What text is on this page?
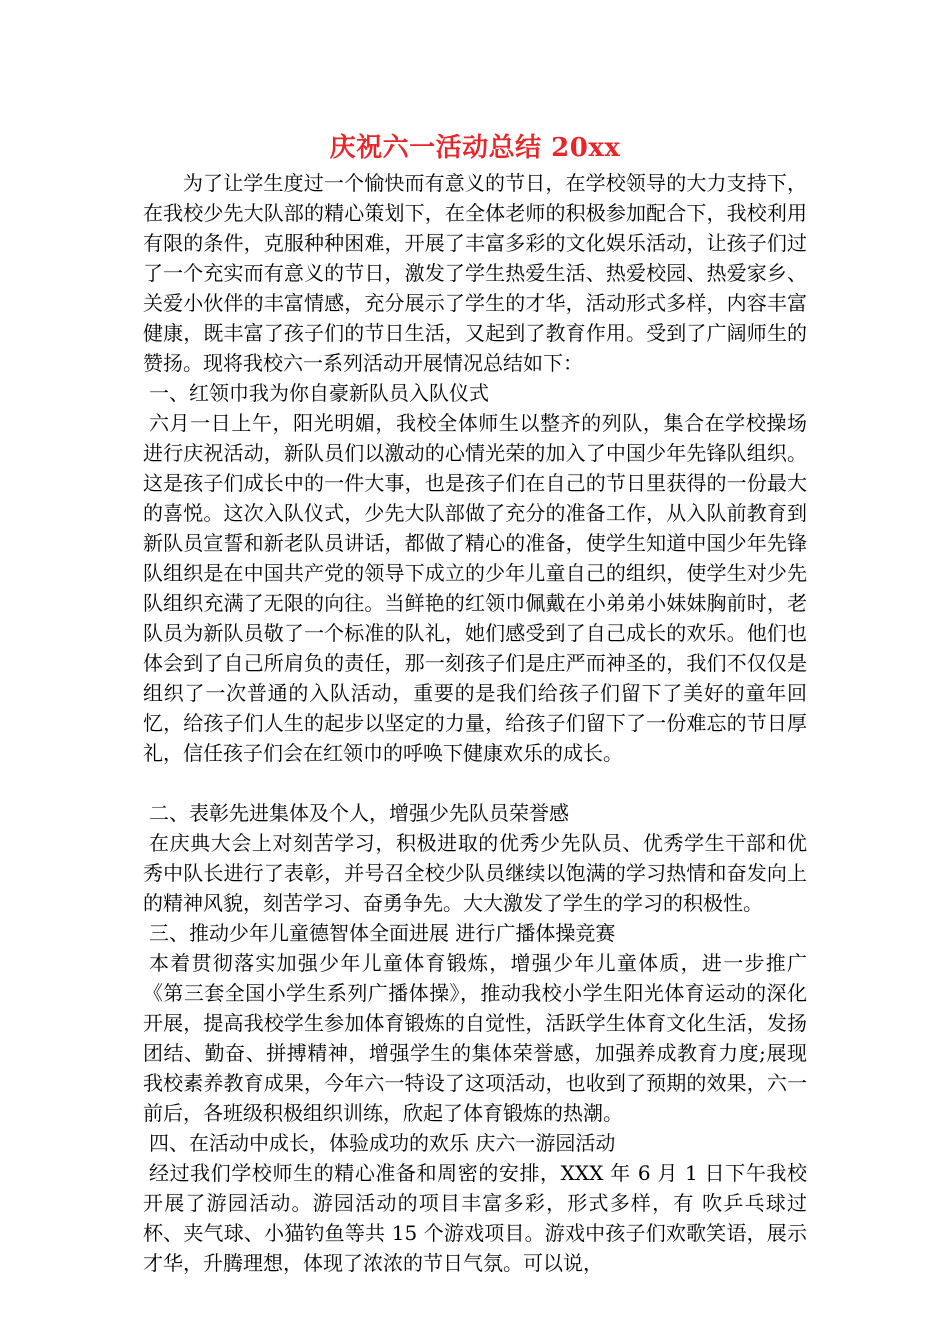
庆祝六一活动总结 20xx

为了让学生度过一个愉快而有意义的节日，在学校领导的大力支持下，在我校少先大队部的精心策划下，在全体老师的积极参加配合下，我校利用有限的条件，克服种种困难，开展了丰富多彩的文化娱乐活动，让孩子们过了一个充实而有意义的节日，激发了学生热爱生活、热爱校园、热爱家乡、关爱小伙伴的丰富情感，充分展示了学生的才华，活动形式多样，内容丰富健康，既丰富了孩子们的节日生活，又起到了教育作用。受到了广阔师生的赞扬。现将我校六一系列活动开展情况总结如下：

一、红领巾我为你自豪新队员入队仪式

六月一日上午，阳光明媚，我校全体师生以整齐的列队，集合在学校操场进行庆祝活动，新队员们以激动的心情光荣的加入了中国少年先锋队组织。这是孩子们成长中的一件大事，也是孩子们在自己的节日里获得的一份最大的喜悦。这次入队仪式，少先大队部做了充分的准备工作，从入队前教育到新队员宣誓和新老队员讲话，都做了精心的准备，使学生知道中国少年先锋队组织是在中国共产党的领导下成立的少年儿童自己的组织，使学生对少先队组织充满了无限的向往。当鲜艳的红领巾佩戴在小弟弟小妹妹胸前时，老队员为新队员敬了一个标准的队礼，她们感受到了自己成长的欢乐。他们也体会到了自己所肩负的责任，那一刻孩子们是庄严而神圣的，我们不仅仅是组织了一次普通的入队活动，重要的是我们给孩子们留下了美好的童年回忆，给孩子们人生的起步以坚定的力量，给孩子们留下了一份难忘的节日厚礼，信任孩子们会在红领巾的呼唤下健康欢乐的成长。

二、表彰先进集体及个人，增强少先队员荣誉感

在庆典大会上对刻苦学习，积极进取的优秀少先队员、优秀学生干部和优秀中队长进行了表彰，并号召全校少队员继续以饱满的学习热情和奋发向上的精神风貌，刻苦学习、奋勇争先。大大激发了学生的学习的积极性。

三、推动少年儿童德智体全面进展 进行广播体操竞赛

本着贯彻落实加强少年儿童体育锻炼，增强少年儿童体质，进一步推广《第三套全国小学生系列广播体操》，推动我校小学生阳光体育运动的深化开展，提高我校学生参加体育锻炼的自觉性，活跃学生体育文化生活，发扬团结、勤奋、拼搏精神，增强学生的集体荣誉感，加强养成教育力度;展现我校素养教育成果，今年六一特设了这项活动，也收到了预期的效果，六一前后，各班级积极组织训练，欣起了体育锻炼的热潮。

四、在活动中成长，体验成功的欢乐 庆六一游园活动

经过我们学校师生的精心准备和周密的安排，XXX 年 6 月 1 日下午我校开展了游园活动。游园活动的项目丰富多彩，形式多样，有 吹乒乓球过杯、夹气球、小猫钓鱼等共 15 个游戏项目。游戏中孩子们欢歌笑语，展示才华，升腾理想，体现了浓浓的节日气氛。可以说，
